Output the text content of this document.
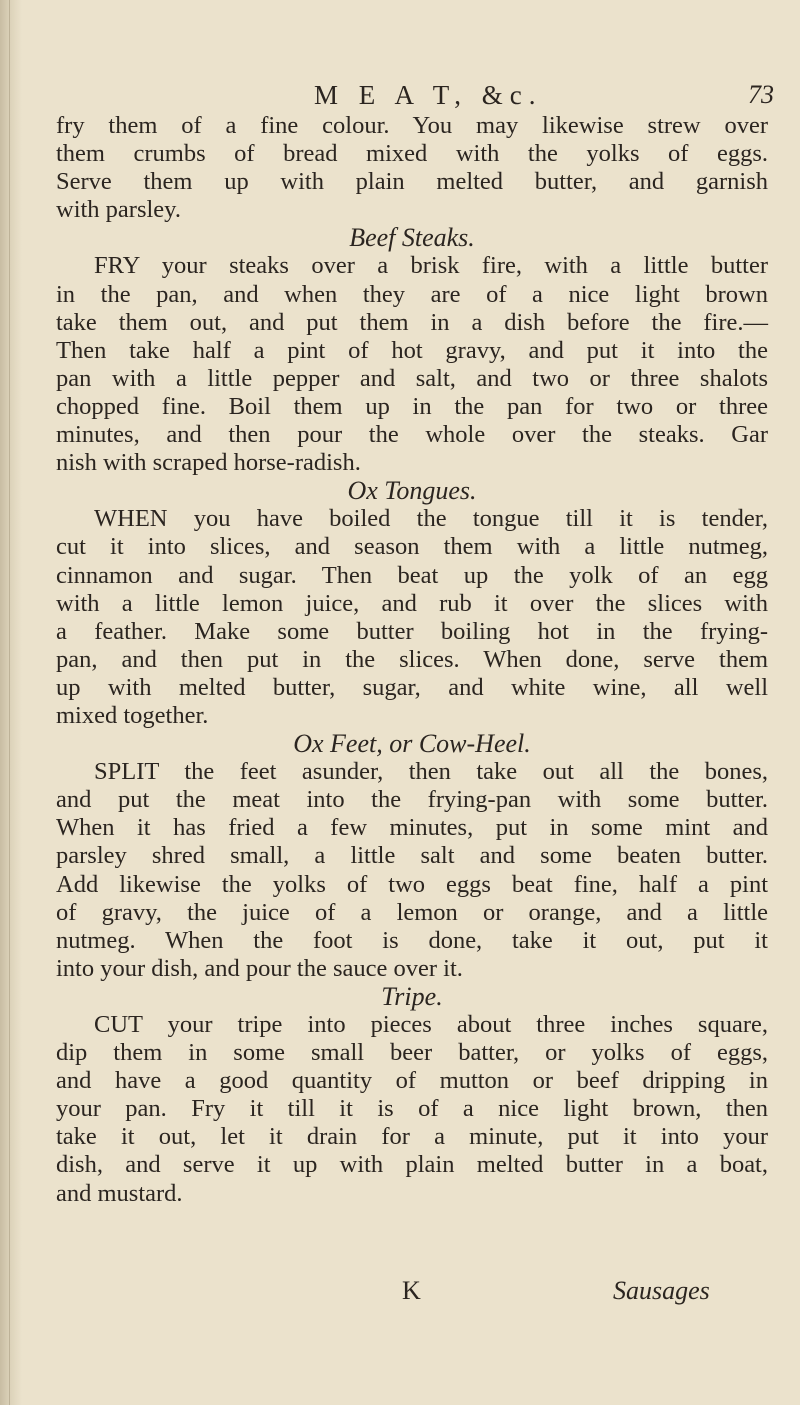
M E A T, &c.	73
fry them of a fine colour. You may likewise strew over
them crumbs of bread mixed with the yolks of eggs.
Serve them up with plain melted butter, and garnish
with parsley.
Beef Steaks.
FRY your steaks over a brisk fire, with a little butter
in the pan, and when they are of a nice light brown
take them out, and put them in a dish before the fire.—
Then take half a pint of hot gravy, and put it into the
pan with a little pepper and salt, and two or three shalots
chopped fine. Boil them up in the pan for two or three
minutes, and then pour the whole over the steaks. Gar
nish with scraped horse-radish.
Ox Tongues.
WHEN you have boiled the tongue till it is tender,
cut it into slices, and season them with a little nutmeg,
cinnamon and sugar. Then beat up the yolk of an egg
with a little lemon juice, and rub it over the slices with
a feather. Make some butter boiling hot in the frying-
pan, and then put in the slices. When done, serve them
up with melted butter, sugar, and white wine, all well
mixed together.
Ox Feet, or Cow-Heel.
SPLIT the feet asunder, then take out all the bones,
and put the meat into the frying-pan with some butter.
When it has fried a few minutes, put in some mint and
parsley shred small, a little salt and some beaten butter.
Add likewise the yolks of two eggs beat fine, half a pint
of gravy, the juice of a lemon or orange, and a little
nutmeg. When the foot is done, take it out, put it
into your dish, and pour the sauce over it.
Tripe.
CUT your tripe into pieces about three inches square,
dip them in some small beer batter, or yolks of eggs,
and have a good quantity of mutton or beef dripping in
your pan. Fry it till it is of a nice light brown, then
take it out, let it drain for a minute, put it into your
dish, and serve it up with plain melted butter in a boat,
and mustard.
K	Sausages
